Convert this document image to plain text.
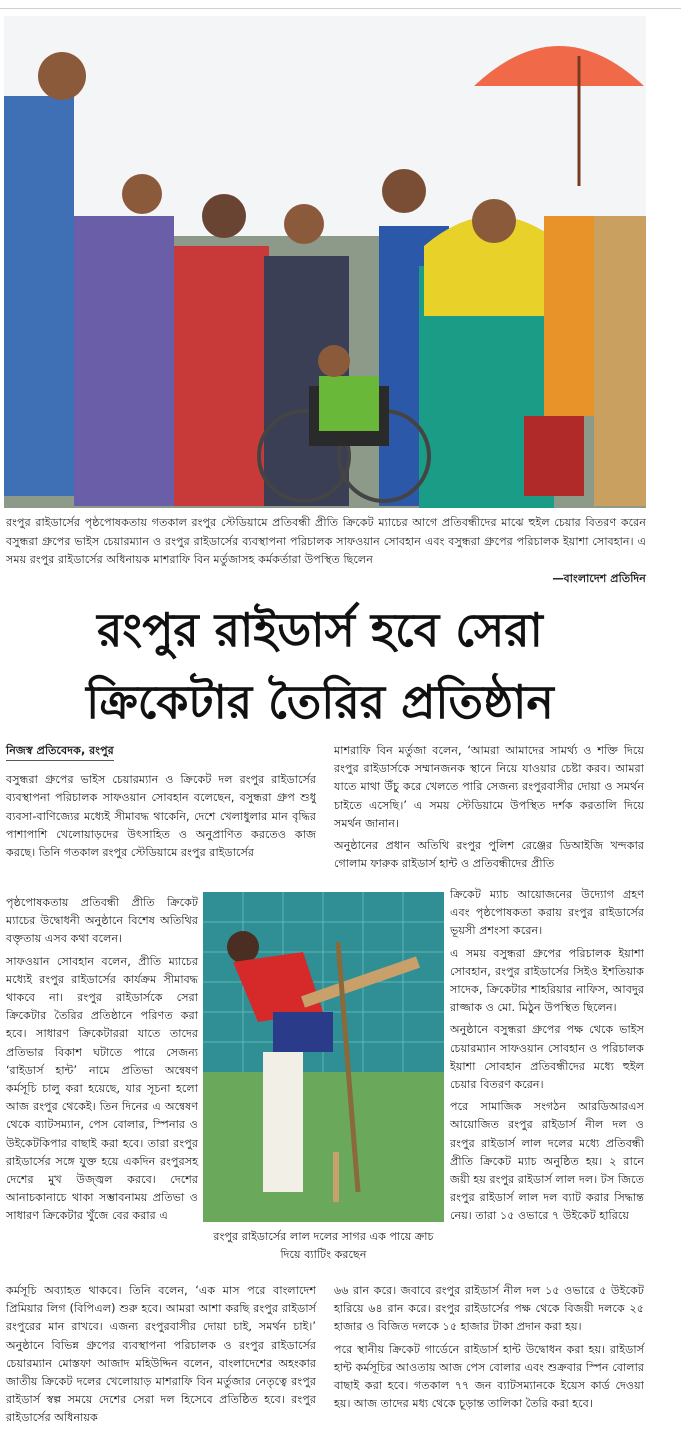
রংপুর রাইডার্সের পৃষ্ঠপোষকতায় গতকাল রংপুর স্টেডিয়ামে প্রতিবন্ধী প্রীতি ক্রিকেট ম্যাচের আগে প্রতিবন্ধীদের মাঝে হুইল চেয়ার বিতরণ করেন বসুন্ধরা গ্রুপের ভাইস চেয়ারম্যান ও রংপুর রাইডার্সের ব্যবস্থাপনা পরিচালক সাফওয়ান সোবহান এবং বসুন্ধরা গ্রুপের পরিচালক ইয়াশা সোবহান। এ সময় রংপুর রাইডার্সের অধিনায়ক মাশরাফি বিন মর্তুজাসহ কর্মকর্তারা উপস্থিত ছিলেন
—বাংলাদেশ প্রতিদিন
রংপুর রাইডার্স হবে সেরা
ক্রিকেটার তৈরির প্রতিষ্ঠান
নিজস্ব প্রতিবেদক, রংপুর

বসুন্ধরা গ্রুপের ভাইস চেয়ারম্যান ও ক্রিকেট দল রংপুর রাইডার্সের ব্যবস্থাপনা পরিচালক সাফওয়ান সোবহান বলেছেন, বসুন্ধরা গ্রুপ শুধু ব্যবসা-বাণিজ্যের মধ্যেই সীমাবদ্ধ থাকেনি, দেশে খেলাধুলার মান বৃদ্ধির পাশাপাশি খেলোয়াড়দের উৎসাহিত ও অনুপ্রাণিত করতেও কাজ করছে। তিনি গতকাল রংপুর স্টেডিয়ামে রংপুর রাইডার্সের

পৃষ্ঠপোষকতায় প্রতিবন্ধী প্রীতি ক্রিকেট ম্যাচের উদ্বোধনী অনুষ্ঠানে বিশেষ অতিথির বক্তৃতায় এসব কথা বলেন।

সাফওয়ান সোবহান বলেন, প্রীতি ম্যাচের মধ্যেই রংপুর রাইডার্সের কার্যক্রম সীমাবদ্ধ থাকবে না। রংপুর রাইডার্সকে সেরা ক্রিকেটার তৈরির প্রতিষ্ঠানে পরিণত করা হবে। সাধারণ ক্রিকেটাররা যাতে তাদের প্রতিভার বিকাশ ঘটাতে পারে সেজন্য ‘রাইডার্স হান্ট’ নামে প্রতিভা অন্বেষণ কর্মসূচি চালু করা হয়েছে, যার সূচনা হলো আজ রংপুর থেকেই। তিন দিনের এ অন্বেষণ থেকে ব্যাটসম্যান, পেস বোলার, স্পিনার ও উইকেটকিপার বাছাই করা হবে। তারা রংপুর রাইডার্সের সঙ্গে যুক্ত হয়ে একদিন রংপুরসহ দেশের মুখ উজ্জ্বল করবে। দেশের আনাচকানাচে থাকা সম্ভাবনাময় প্রতিভা ও সাধারণ ক্রিকেটার খুঁজে বের করার এ

কর্মসূচি অব্যাহত থাকবে। তিনি বলেন, ‘এক মাস পরে বাংলাদেশ প্রিমিয়ার লিগ (বিপিএল) শুরু হবে। আমরা আশা করছি রংপুর রাইডার্স রংপুরের মান রাখবে। এজন্য রংপুরবাসীর দোয়া চাই, সমর্থন চাই।’ অনুষ্ঠানে বিভিন্ন গ্রুপের ব্যবস্থাপনা পরিচালক ও রংপুর রাইডার্সের চেয়ারম্যান মোস্তফা আজাদ মহিউদ্দিন বলেন, বাংলাদেশের অহংকার জাতীয় ক্রিকেট দলের খেলোয়াড় মাশরাফি বিন মর্তুজার নেতৃত্বে রংপুর রাইডার্স স্বল্প সময়ে দেশের সেরা দল হিসেবে প্রতিষ্ঠিত হবে। রংপুর রাইডার্সের অধিনায়ক

মাশরাফি বিন মর্তুজা বলেন, ‘আমরা আমাদের সামর্থ্য ও শক্তি দিয়ে রংপুর রাইডার্সকে সম্মানজনক স্থানে নিয়ে যাওয়ার চেষ্টা করব। আমরা যাতে মাথা উঁচু করে খেলতে পারি সেজন্য রংপুরবাসীর দোয়া ও সমর্থন চাইতে এসেছি।’ এ সময় স্টেডিয়ামে উপস্থিত দর্শক করতালি দিয়ে সমর্থন জানান।

অনুষ্ঠানের প্রধান অতিথি রংপুর পুলিশ রেঞ্জের ডিআইজি খন্দকার গোলাম ফারুক রাইডার্স হান্ট ও প্রতিবন্ধীদের প্রীতি

ক্রিকেট ম্যাচ আয়োজনের উদ্যোগ গ্রহণ এবং পৃষ্ঠপোষকতা করায় রংপুর রাইডার্সের ভূয়সী প্রশংসা করেন।

এ সময় বসুন্ধরা গ্রুপের পরিচালক ইয়াশা সোবহান, রংপুর রাইডার্সের সিইও ইশতিয়াক সাদেক, ক্রিকেটার শাহরিয়ার নাফিস, আবদুর রাজ্জাক ও মো. মিঠুন উপস্থিত ছিলেন।

অনুষ্ঠানে বসুন্ধরা গ্রুপের পক্ষ থেকে ভাইস চেয়ারম্যান সাফওয়ান সোবহান ও পরিচালক ইয়াশা সোবহান প্রতিবন্ধীদের মধ্যে হুইল চেয়ার বিতরণ করেন।

পরে সামাজিক সংগঠন আরডিআরএস আয়োজিত রংপুর রাইডার্স নীল দল ও রংপুর রাইডার্স লাল দলের মধ্যে প্রতিবন্ধী প্রীতি ক্রিকেট ম্যাচ অনুষ্ঠিত হয়। ২ রানে জয়ী হয় রংপুর রাইডার্স লাল দল। টস জিতে রংপুর রাইডার্স লাল দল ব্যাট করার সিদ্ধান্ত নেয়। তারা ১৫ ওভারে ৭ উইকেট হারিয়ে

৬৬ রান করে। জবাবে রংপুর রাইডার্স নীল দল ১৫ ওভারে ৫ উইকেট হারিয়ে ৬৪ রান করে। রংপুর রাইডার্সের পক্ষ থেকে বিজয়ী দলকে ২৫ হাজার ও বিজিত দলকে ১৫ হাজার টাকা প্রদান করা হয়।

পরে স্থানীয় ক্রিকেট গার্ডেনে রাইডার্স হান্ট উদ্বোধন করা হয়। রাইডার্স হান্ট কর্মসূচির আওতায় আজ পেস বোলার এবং শুক্রবার স্পিন বোলার বাছাই করা হবে। গতকাল ৭৭ জন ব্যাটসম্যানকে ইয়েস কার্ড দেওয়া হয়। আজ তাদের মধ্য থেকে চূড়ান্ত তালিকা তৈরি করা হবে।

রংপুর রাইডার্সের লাল দলের সাগর এক পায়ে ক্রাচ দিয়ে ব্যাটিং করছেন
